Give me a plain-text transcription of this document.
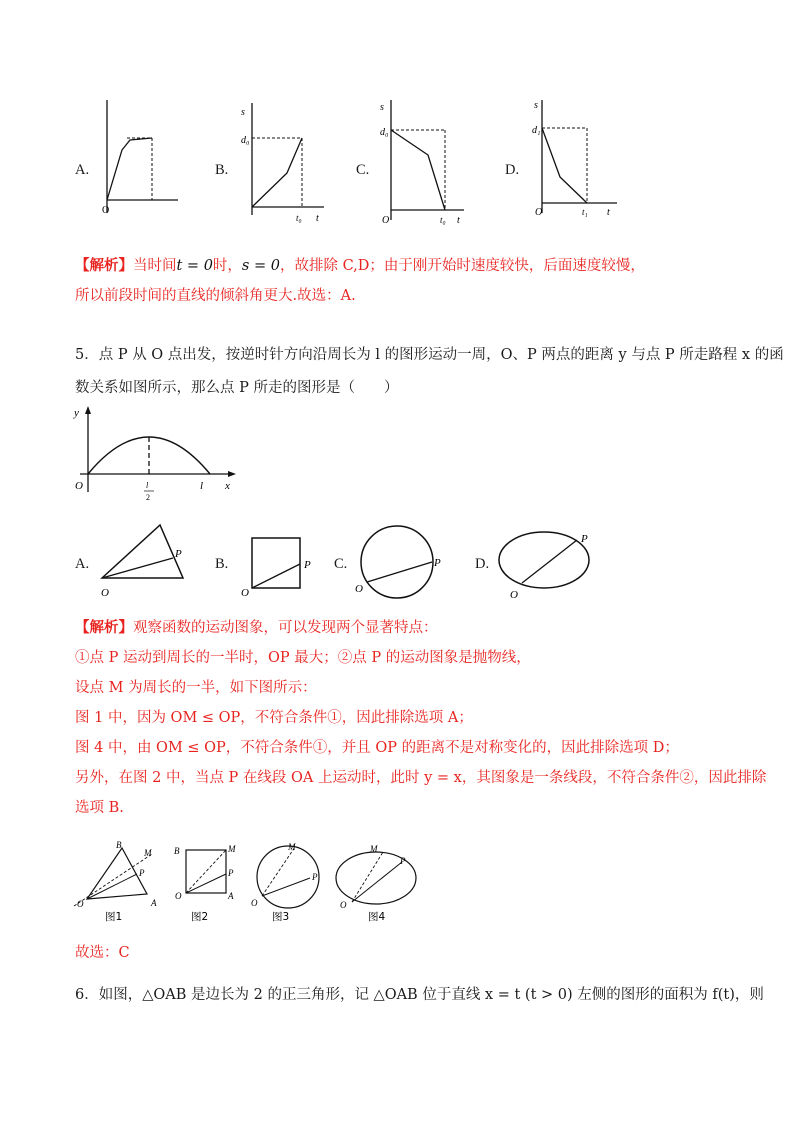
A.	B.	C.	D.
O
s
d₀
t₀ t
s
d₀
O	t₀ t
s
d₁
O	t₁ t
【解析】当时间t = 0时，s = 0，故排除 C,D；由于刚开始时速度较快，后面速度较慢，
所以前段时间的直线的倾斜角更大.故选：A.
5．点 P 从 O 点出发，按逆时针方向沿周长为 l 的图形运动一周，O、P 两点的距离 y 与点 P 所走路程 x 的函
数关系如图所示，那么点 P 所走的图形是（　　）
y
O	l
2
l x
A.	B.	C.	D.
P
O
P
O
P
O
P
O
【解析】观察函数的运动图象，可以发现两个显著特点：
①点 P 运动到周长的一半时，OP 最大；②点 P 的运动图象是抛物线，
设点 M 为周长的一半，如下图所示：
图 1 中，因为 OM ≤ OP，不符合条件①，因此排除选项 A；
图 4 中，由 OM ≤ OP，不符合条件①，并且 OP 的距离不是对称变化的，因此排除选项 D；
另外，在图 2 中，当点 P 在线段 OA 上运动时，此时 y = x，其图象是一条线段，不符合条件②，因此排除
选项 B.
B
M
P
O	A
图1
B	M
P
O	A
图2
M
P
O
图3
M
P
O
图4
故选：C
6．如图，△OAB 是边长为 2 的正三角形，记 △OAB 位于直线 x = t (t > 0) 左侧的图形的面积为 f(t)，则
